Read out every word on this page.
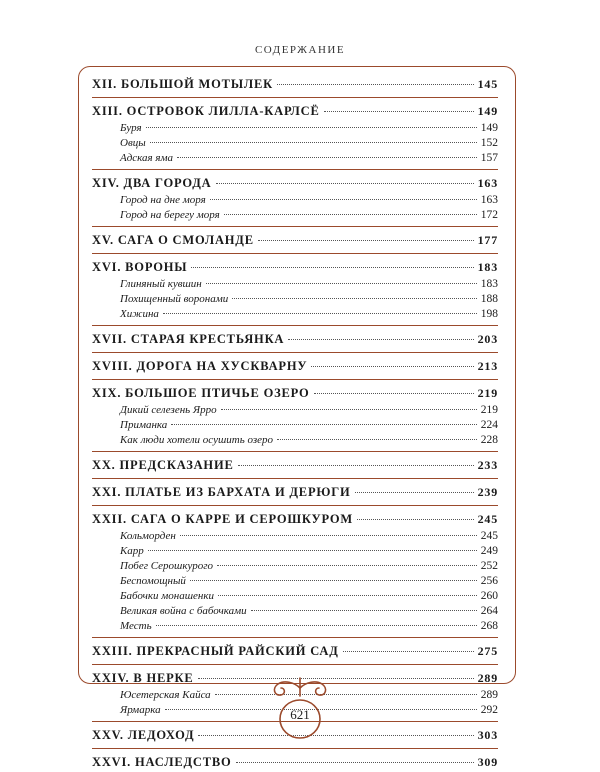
СОДЕРЖАНИЕ
XII. БОЛЬШОЙ МОТЫЛЕК	145
XIII. ОСТРОВОК ЛИЛЛА-КАРЛСЁ	149
Буря	149
Овцы	152
Адская яма	157
XIV. ДВА ГОРОДА	163
Город на дне моря	163
Город на берегу моря	172
XV. САГА О СМОЛАНДЕ	177
XVI. ВОРОНЫ	183
Глиняный кувшин	183
Похищенный воронами	188
Хижина	198
XVII. СТАРАЯ КРЕСТЬЯНКА	203
XVIII. ДОРОГА НА ХУСКВАРНУ	213
XIX. БОЛЬШОЕ ПТИЧЬЕ ОЗЕРО	219
Дикий селезень Ярро	219
Приманка	224
Как люди хотели осушить озеро	228
XX. ПРЕДСКАЗАНИЕ	233
XXI. ПЛАТЬЕ ИЗ БАРХАТА И ДЕРЮГИ	239
XXII. САГА О КАРРЕ И СЕРОШКУРОМ	245
Кольморден	245
Карр	249
Побег Серошкурого	252
Беспомощный	256
Бабочки монашенки	260
Великая война с бабочками	264
Месть	268
XXIII. ПРЕКРАСНЫЙ РАЙСКИЙ САД	275
XXIV. В НЕРКЕ	289
Юсетерская Кайса	289
Ярмарка	292
XXV. ЛЕДОХОД	303
XXVI. НАСЛЕДСТВО	309
621
